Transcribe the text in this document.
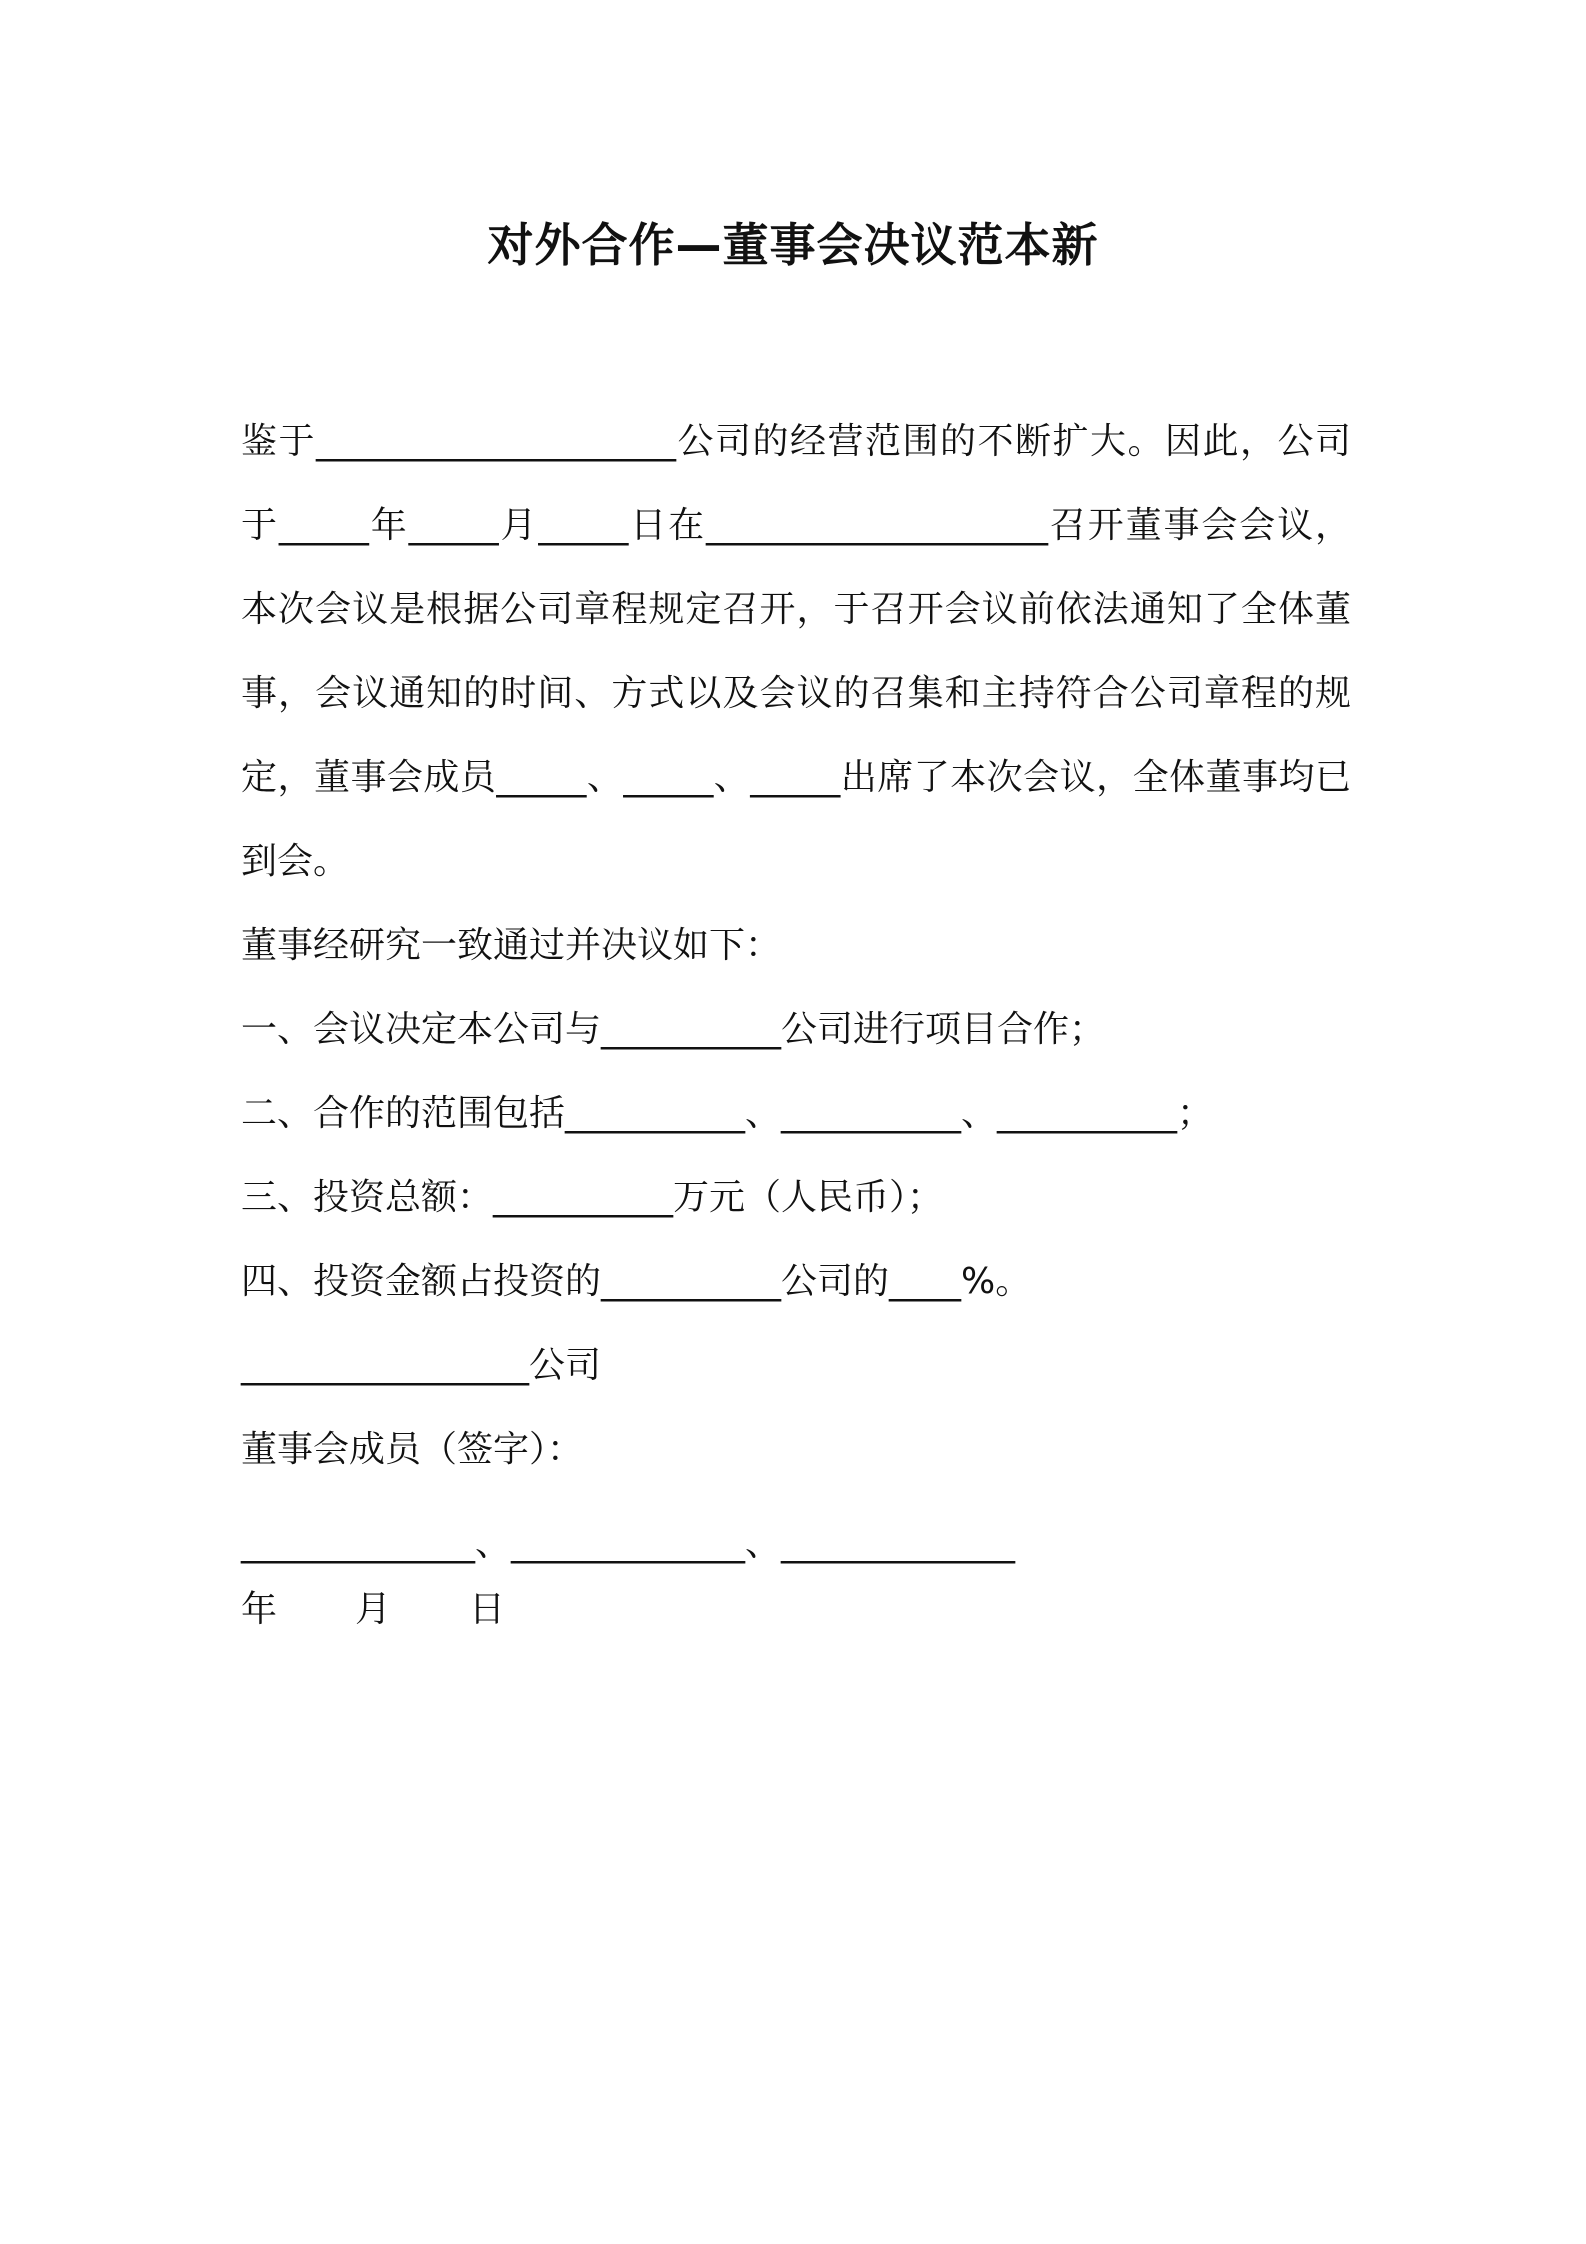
对外合作—董事会决议范本新

鉴于____________________公司的经营范围的不断扩大。因此，公司于_____年_____月_____日在___________________召开董事会会议，本次会议是根据公司章程规定召开，于召开会议前依法通知了全体董事，会议通知的时间、方式以及会议的召集和主持符合公司章程的规定，董事会成员_____、_____、_____出席了本次会议，全体董事均已到会。

董事经研究一致通过并决议如下：
一、会议决定本公司与__________公司进行项目合作；
二、合作的范围包括__________、__________、__________；
三、投资总额：__________万元（人民币）；
四、投资金额占投资的__________公司的____%。
________________公司
董事会成员（签字）：
_____________、_____________、_____________
年 月 日
